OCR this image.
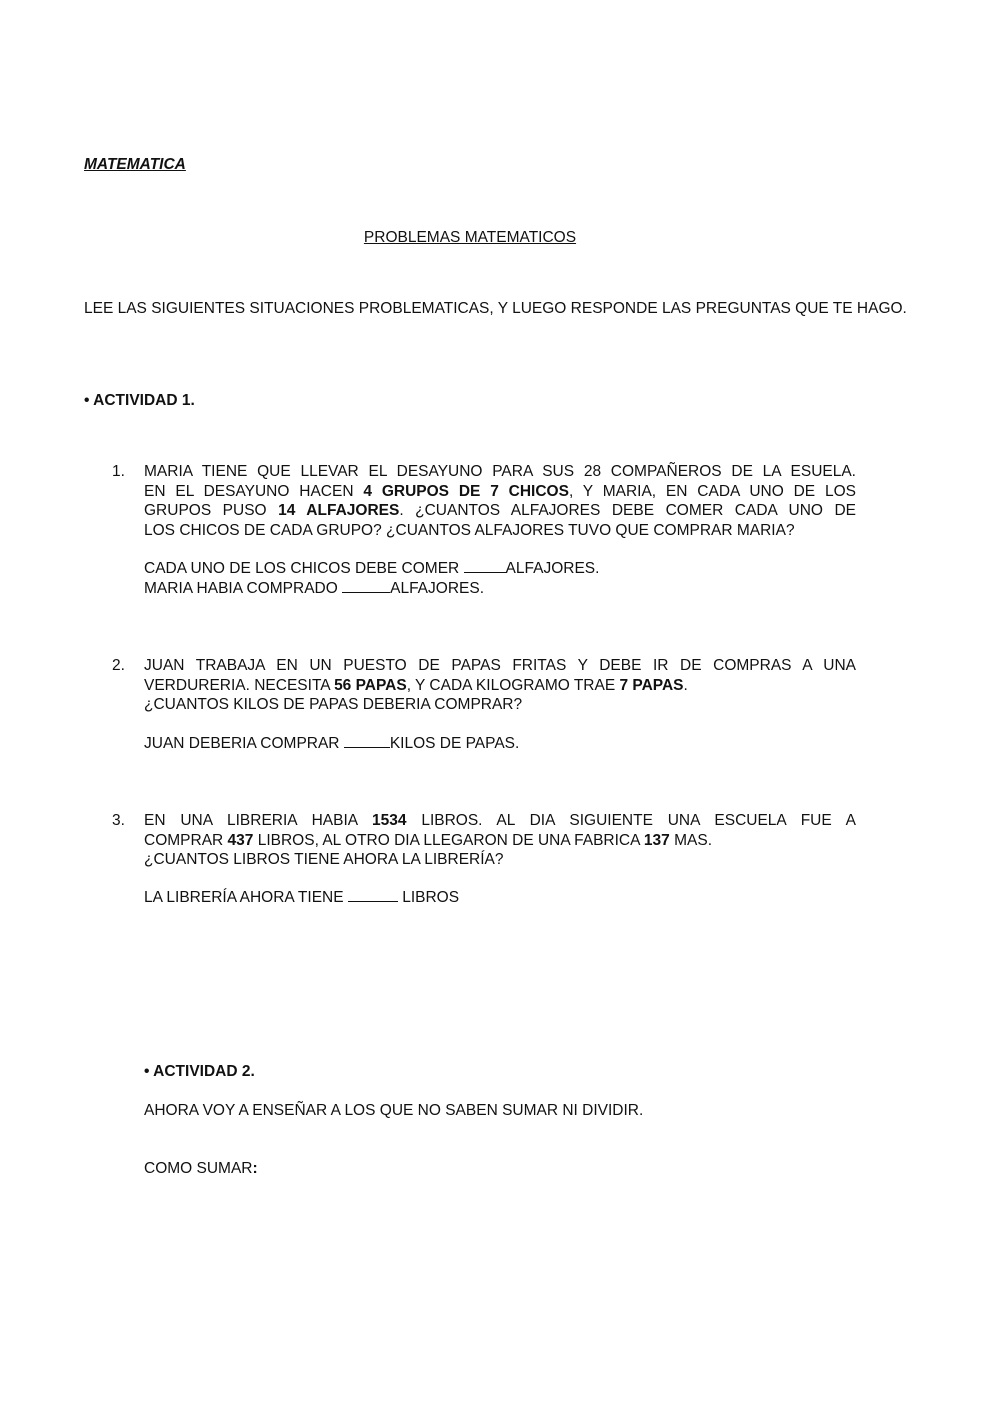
MATEMATICA
PROBLEMAS MATEMATICOS
LEE LAS SIGUIENTES SITUACIONES PROBLEMATICAS, Y LUEGO RESPONDE LAS PREGUNTAS QUE TE HAGO.
• ACTIVIDAD 1.
1. MARIA TIENE QUE LLEVAR EL DESAYUNO PARA SUS 28 COMPAÑEROS DE LA ESUELA.
EN EL DESAYUNO HACEN 4 GRUPOS DE 7 CHICOS, Y MARIA, EN CADA UNO DE LOS
GRUPOS PUSO 14 ALFAJORES. ¿CUANTOS ALFAJORES DEBE COMER CADA UNO DE
LOS CHICOS DE CADA GRUPO? ¿CUANTOS ALFAJORES TUVO QUE COMPRAR MARIA?
CADA UNO DE LOS CHICOS DEBE COMER	ALFAJORES.
MARIA HABIA COMPRADO	ALFAJORES.
2. JUAN TRABAJA EN UN PUESTO DE PAPAS FRITAS Y DEBE IR DE COMPRAS A UNA
VERDURERIA. NECESITA 56 PAPAS, Y CADA KILOGRAMO TRAE 7 PAPAS.
¿CUANTOS KILOS DE PAPAS DEBERIA COMPRAR?
JUAN DEBERIA COMPRAR	KILOS DE PAPAS.
3. EN UNA LIBRERIA HABIA 1534 LIBROS. AL DIA SIGUIENTE UNA ESCUELA FUE A
COMPRAR 437 LIBROS, AL OTRO DIA LLEGARON DE UNA FABRICA 137 MAS.
¿CUANTOS LIBROS TIENE AHORA LA LIBRERÍA?
LA LIBRERÍA AHORA TIENE	LIBROS
• ACTIVIDAD 2.
AHORA VOY A ENSEÑAR A LOS QUE NO SABEN SUMAR NI DIVIDIR.
COMO SUMAR:
